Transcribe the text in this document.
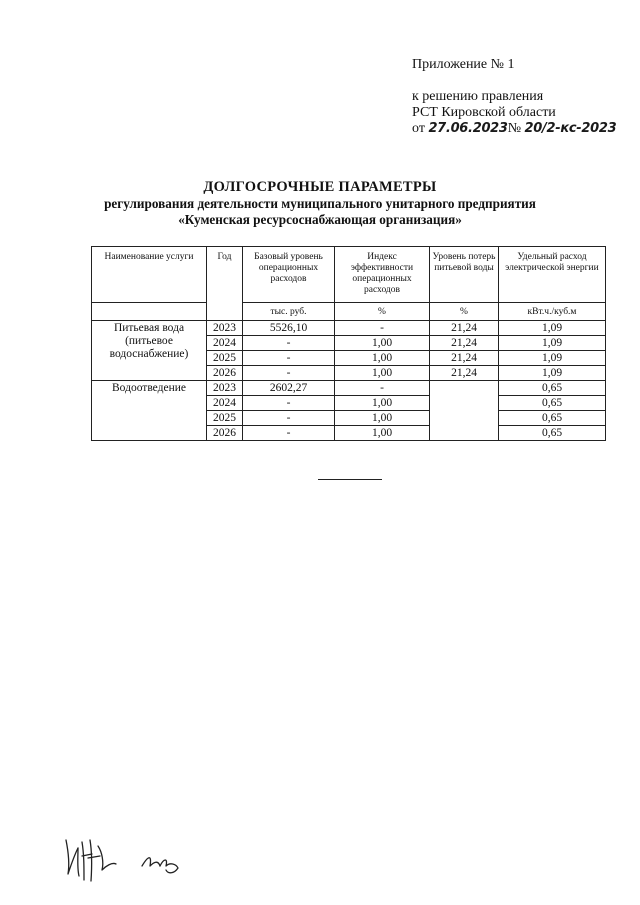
Приложение № 1
к решению правления
РСТ Кировской области
от 27.06.2023№ 20/2-кс-2023
ДОЛГОСРОЧНЫЕ ПАРАМЕТРЫ
регулирования деятельности муниципального унитарного предприятия
«Куменская ресурсоснабжающая организация»
Наименование услуги	Год	Базовый уровень операционных расходов	Индекс эффективности операционных расходов	Уровень потерь питьевой воды	Удельный расход электрической энергии
		тыс. руб.	%	%	кВт.ч./куб.м
Питьевая вода (питьевое водоснабжение)	2023	5526,10	-	21,24	1,09
	2024	-	1,00	21,24	1,09
	2025	-	1,00	21,24	1,09
	2026	-	1,00	21,24	1,09
Водоотведение	2023	2602,27	-		0,65
	2024	-	1,00		0,65
	2025	-	1,00		0,65
	2026	-	1,00		0,65
